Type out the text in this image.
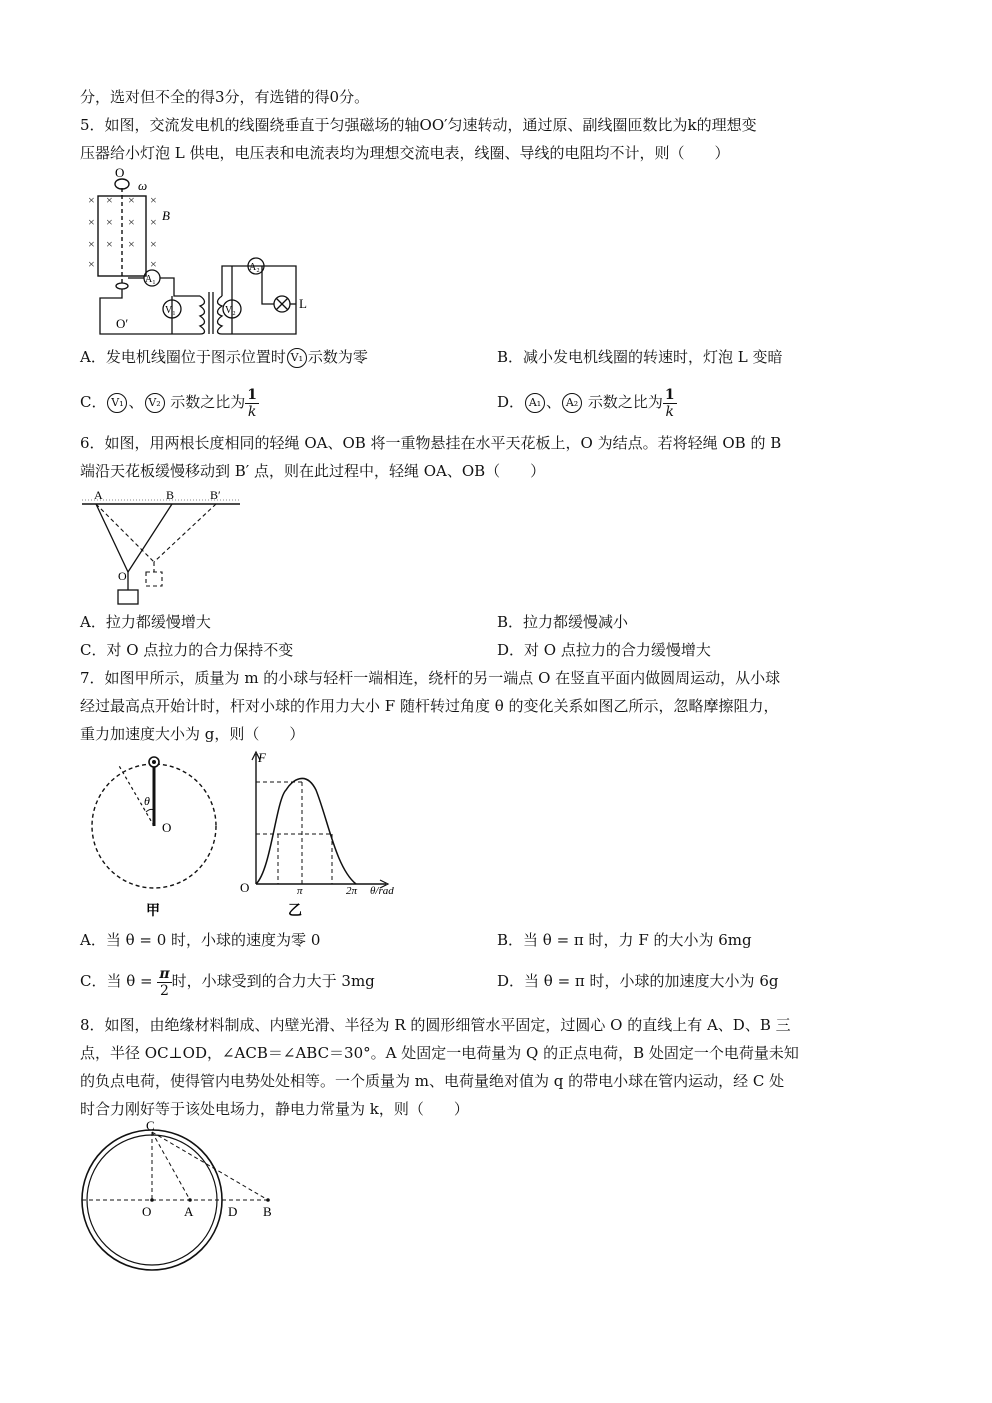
分，选对但不全的得3分，有选错的得0分。
5．如图，交流发电机的线圈绕垂直于匀强磁场的轴OO′匀速转动，通过原、副线圈匝数比为k的理想变
压器给小灯泡 L 供电，电压表和电流表均为理想交流电表，线圈、导线的电阻均不计，则（　　）
O
ω
B
× × × ×
× × × ×
× × × ×
×	×
A₁
V₁
O′
V₂
A₂
L
A．发电机线圈位于图示位置时 V₁ 示数为零	B．减小发电机线圈的转速时，灯泡 L 变暗
C． V₁ 、 V₂ 示数之比为 $\frac{1}{k}$	D． A₁ 、 A₂ 示数之比为 $\frac{1}{k}$
6．如图，用两根长度相同的轻绳 OA、OB 将一重物悬挂在水平天花板上，O 为结点。若将轻绳 OB 的 B
端沿天花板缓慢移动到 B′ 点，则在此过程中，轻绳 OA、OB（　　）
A	B	B′
O
A．拉力都缓慢增大	B．拉力都缓慢减小
C．对 O 点拉力的合力保持不变	D．对 O 点拉力的合力缓慢增大
7．如图甲所示，质量为 m 的小球与轻杆一端相连，绕杆的另一端点 O 在竖直平面内做圆周运动，从小球
经过最高点开始计时，杆对小球的作用力大小 F 随杆转过角度 θ 的变化关系如图乙所示，忽略摩擦阻力，
重力加速度大小为 g，则（　　）
θ
O
甲
F
O	π	2π θ/rad
乙
A．当 θ = 0 时，小球的速度为零 0	B．当 θ = π 时，力 F 的大小为 6mg
C．当 $\theta = \frac{\pi}{2}$ 时，小球受到的合力大于 3mg	D．当 θ = π 时，小球的加速度大小为 6g
8．如图，由绝缘材料制成、内壁光滑、半径为 R 的圆形细管水平固定，过圆心 O 的直线上有 A、D、B 三
点，半径 OC⊥OD，∠ACB＝∠ABC＝30°。A 处固定一电荷量为 Q 的正点电荷，B 处固定一个电荷量未知
的负点电荷，使得管内电势处处相等。一个质量为 m、电荷量绝对值为 q 的带电小球在管内运动，经 C 处
时合力刚好等于该处电场力，静电力常量为 k，则（　　）
C
O	A	D B
